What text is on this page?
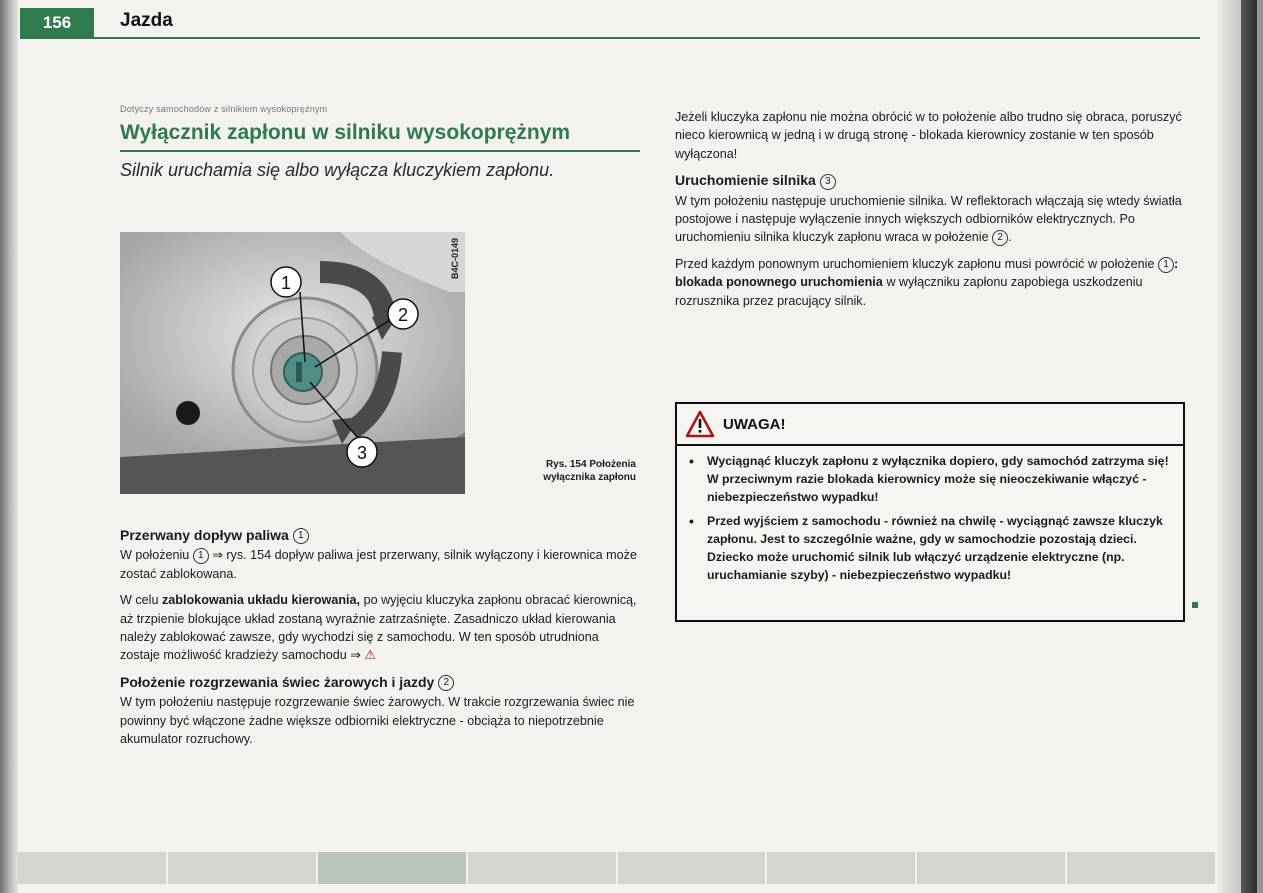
156	Jazda
Dotyczy samochodów z silnikiem wysokoprężnym
Wyłącznik zapłonu w silniku wysokoprężnym
Silnik uruchamia się albo wyłącza kluczykiem zapłonu.
1
2
3
B4C-0149
Rys. 154 Położenia
wyłącznika zapłonu
Przerwany dopływ paliwa 1

W położeniu 1 ⇒ rys. 154 dopływ paliwa jest przerwany, silnik wyłączony i kierownica może zostać zablokowana.

W celu zablokowania układu kierowania, po wyjęciu kluczyka zapłonu obracać kierownicą, aż trzpienie blokujące układ zostaną wyraźnie zatrzaśnięte. Zasadniczo układ kierowania należy zablokować zawsze, gdy wychodzi się z samochodu. W ten sposób utrudniona zostaje możliwość kradzieży samochodu ⇒ ⚠

Położenie rozgrzewania świec żarowych i jazdy 2

W tym położeniu następuje rozgrzewanie świec żarowych. W trakcie rozgrzewania świec nie powinny być włączone żadne większe odbiorniki elektryczne - obciąża to niepotrzebnie akumulator rozruchowy.

Jeżeli kluczyka zapłonu nie można obrócić w to położenie albo trudno się obraca, poruszyć nieco kierownicą w jedną i w drugą stronę - blokada kierownicy zostanie w ten sposób wyłączona!

Uruchomienie silnika 3

W tym położeniu następuje uruchomienie silnika. W reflektorach włączają się wtedy światła postojowe i następuje wyłączenie innych większych odbiorników elektrycznych. Po uruchomieniu silnika kluczyk zapłonu wraca w położenie 2 .

Przed każdym ponownym uruchomieniem kluczyk zapłonu musi powrócić w położenie 1 : blokada ponownego uruchomienia w wyłączniku zapłonu zapobiega uszkodzeniu rozrusznika przez pracujący silnik.

UWAGA!
• Wyciągnąć kluczyk zapłonu z wyłącznika dopiero, gdy samochód zatrzyma się! W przeciwnym razie blokada kierownicy może się nieoczekiwanie włączyć - niebezpieczeństwo wypadku!
• Przed wyjściem z samochodu - również na chwilę - wyciągnąć zawsze kluczyk zapłonu. Jest to szczególnie ważne, gdy w samochodzie pozostają dzieci. Dziecko może uruchomić silnik lub włączyć urządzenie elektryczne (np. uruchamianie szyby) - niebezpieczeństwo wypadku!
